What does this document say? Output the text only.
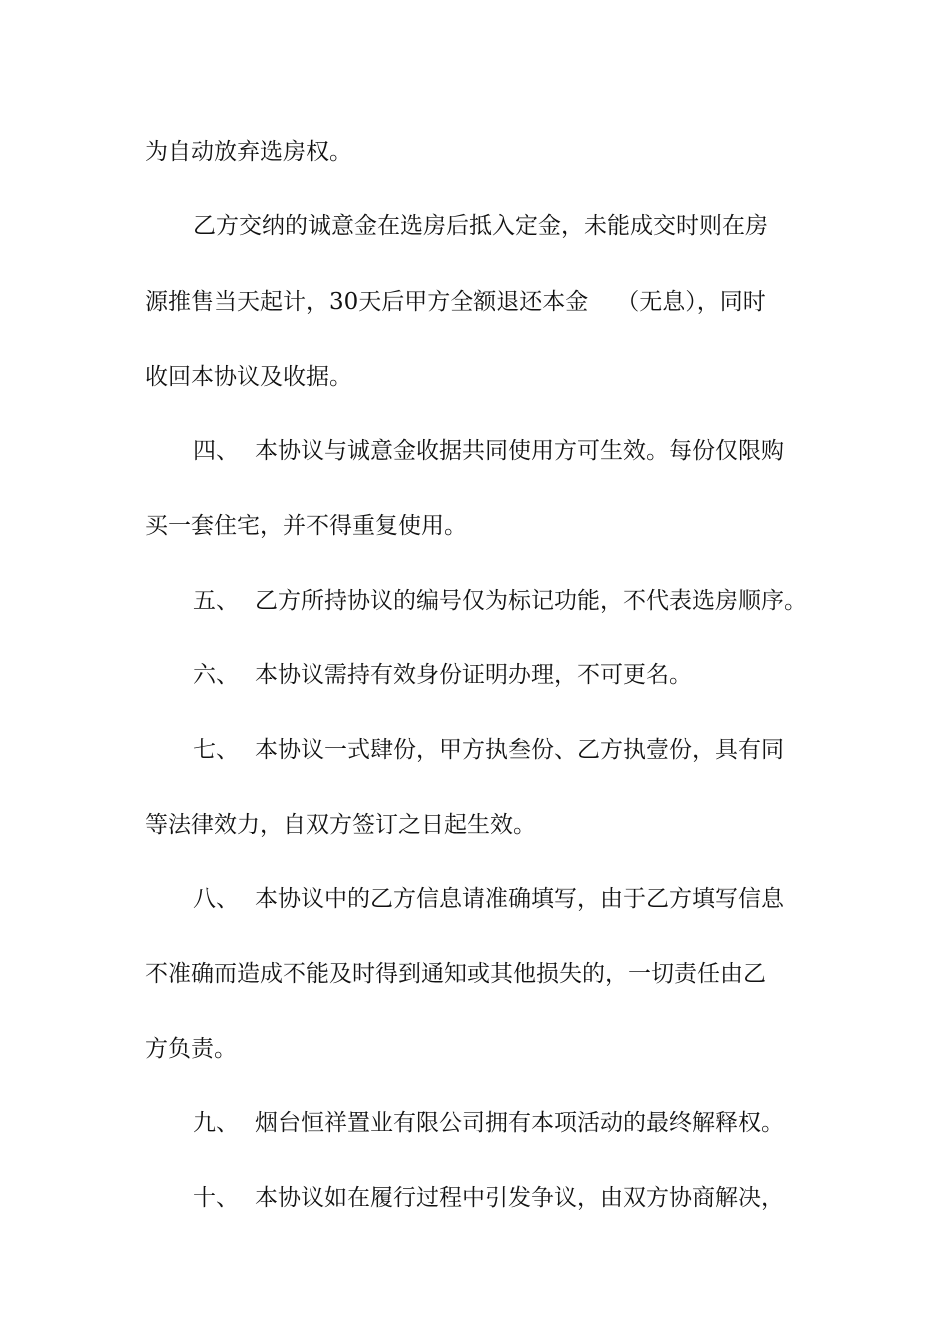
为自动放弃选房权。
乙方交纳的诚意金在选房后抵入定金，未能成交时则在房
源推售当天起计，30天后甲方全额退还本金 （无息），同时
收回本协议及收据。
四、 本协议与诚意金收据共同使用方可生效。每份仅限购
买一套住宅，并不得重复使用。
五、 乙方所持协议的编号仅为标记功能，不代表选房顺序。
六、 本协议需持有效身份证明办理，不可更名。
七、 本协议一式肆份，甲方执叁份、乙方执壹份，具有同
等法律效力，自双方签订之日起生效。
八、 本协议中的乙方信息请准确填写，由于乙方填写信息
不准确而造成不能及时得到通知或其他损失的，一切责任由乙
方负责。
九、 烟台恒祥置业有限公司拥有本项活动的最终解释权。
十、 本协议如在履行过程中引发争议，由双方协商解决，
